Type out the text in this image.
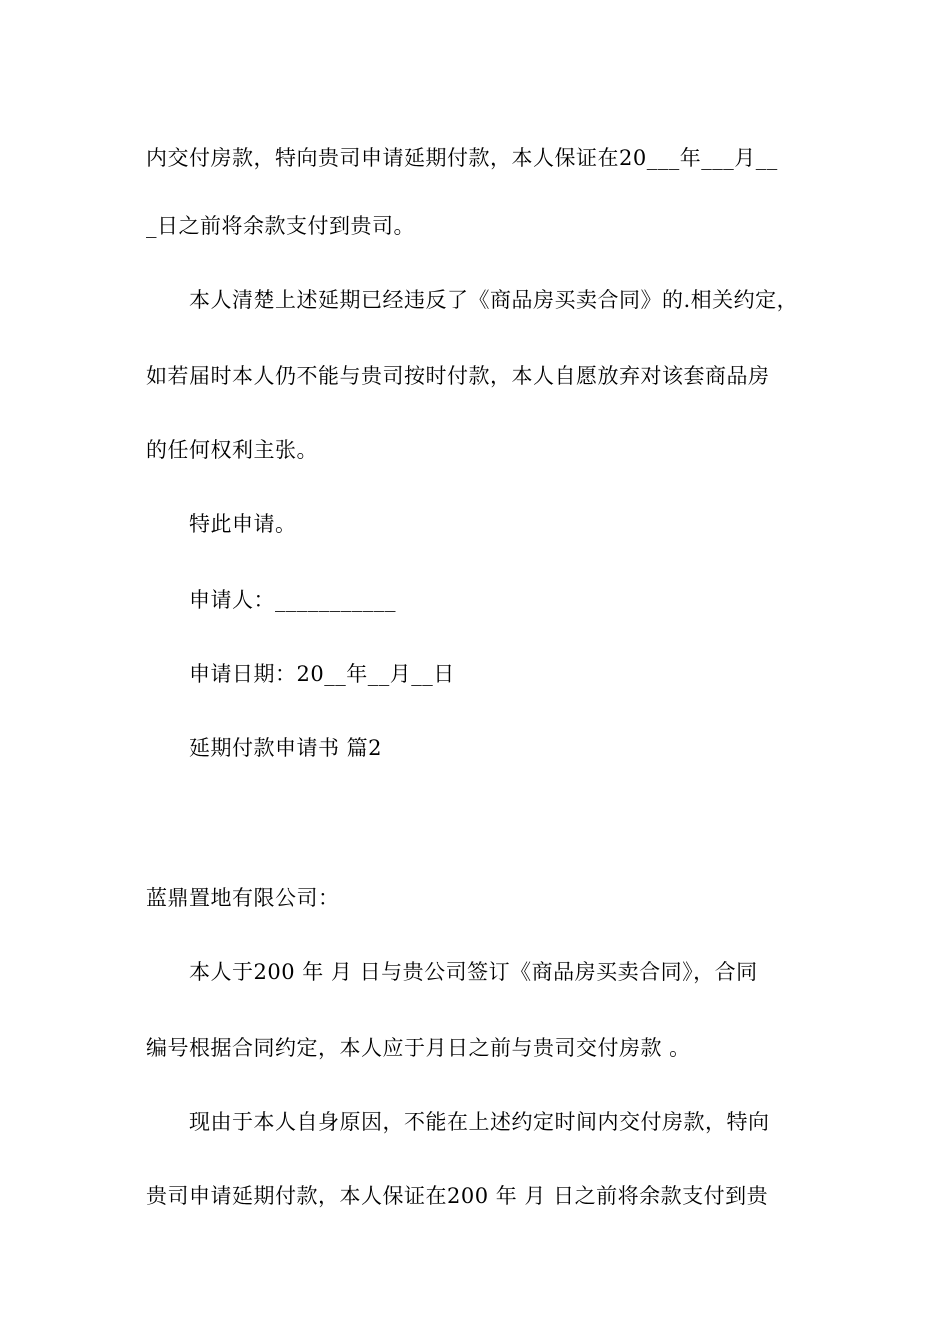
内交付房款，特向贵司申请延期付款，本人保证在20___年___月__
_日之前将余款支付到贵司。
本人清楚上述延期已经违反了《商品房买卖合同》的.相关约定，
如若届时本人仍不能与贵司按时付款，本人自愿放弃对该套商品房
的任何权利主张。
特此申请。
申请人：___________
申请日期：20__年__月__日
延期付款申请书 篇2
蓝鼎置地有限公司：
本人于200 年 月 日与贵公司签订《商品房买卖合同》，合同
编号根据合同约定，本人应于月日之前与贵司交付房款 。
现由于本人自身原因，不能在上述约定时间内交付房款，特向
贵司申请延期付款，本人保证在200 年 月 日之前将余款支付到贵
